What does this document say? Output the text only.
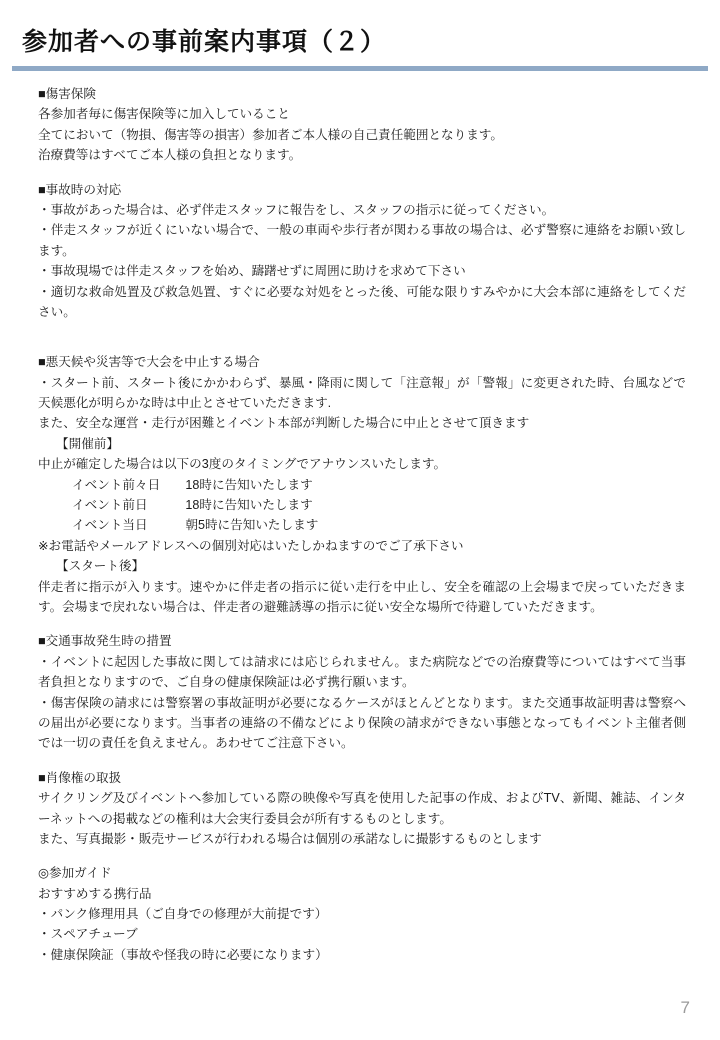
参加者への事前案内事項（２）

■傷害保険

各参加者毎に傷害保険等に加入していること

全てにおいて（物損、傷害等の損害）参加者ご本人様の自己責任範囲となります。

治療費等はすべてご本人様の負担となります。

■事故時の対応

・事故があった場合は、必ず伴走スタッフに報告をし、スタッフの指示に従ってください。

・伴走スタッフが近くにいない場合で、一般の車両や歩行者が関わる事故の場合は、必ず警察に連絡をお願い致します。

・事故現場では伴走スタッフを始め、躊躇せずに周囲に助けを求めて下さい

・適切な救命処置及び救急処置、すぐに必要な対処をとった後、可能な限りすみやかに大会本部に連絡をしてください。

■悪天候や災害等で大会を中止する場合

・スタート前、スタート後にかかわらず、暴風・降雨に関して「注意報」が「警報」に変更された時、台風などで天候悪化が明らかな時は中止とさせていただきます.

また、安全な運営・走行が困難とイベント本部が判断した場合に中止とさせて頂きます

【開催前】

中止が確定した場合は以下の3度のタイミングでアナウンスいたします。

イベント前々日　　18時に告知いたします

イベント前日　　　18時に告知いたします

イベント当日　　　朝5時に告知いたします

※お電話やメールアドレスへの個別対応はいたしかねますのでご了承下さい

【スタート後】

伴走者に指示が入ります。速やかに伴走者の指示に従い走行を中止し、安全を確認の上会場まで戻っていただきます。会場まで戻れない場合は、伴走者の避難誘導の指示に従い安全な場所で待避していただきます。

■交通事故発生時の措置

・イベントに起因した事故に関しては請求には応じられません。また病院などでの治療費等についてはすべて当事者負担となりますので、ご自身の健康保険証は必ず携行願います。

・傷害保険の請求には警察署の事故証明が必要になるケースがほとんどとなります。また交通事故証明書は警察への届出が必要になります。当事者の連絡の不備などにより保険の請求ができない事態となってもイベント主催者側では一切の責任を負えません。あわせてご注意下さい。

■肖像権の取扱

サイクリング及びイベントへ参加している際の映像や写真を使用した記事の作成、およびTV、新聞、雑誌、インターネットへの掲載などの権利は大会実行委員会が所有するものとします。

また、写真撮影・販売サービスが行われる場合は個別の承諾なしに撮影するものとします

◎参加ガイド

おすすめする携行品

・パンク修理用具（ご自身での修理が大前提です）

・スペアチューブ

・健康保険証（事故や怪我の時に必要になります）

7
